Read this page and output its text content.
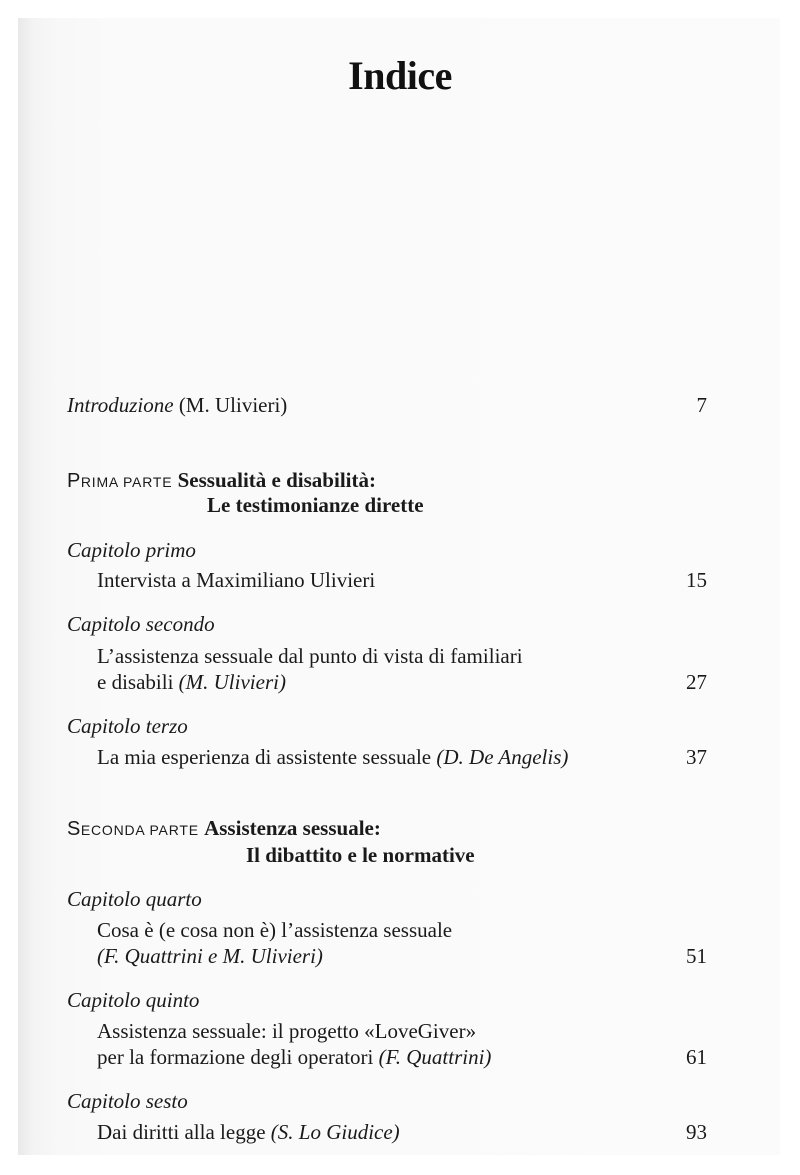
Indice
Introduzione (M. Ulivieri)	7
PRIMA PARTE Sessualità e disabilità:
Le testimonianze dirette
Capitolo primo
Intervista a Maximiliano Ulivieri	15
Capitolo secondo
L’assistenza sessuale dal punto di vista di familiari
e disabili (M. Ulivieri)	27
Capitolo terzo
La mia esperienza di assistente sessuale (D. De Angelis)	37
SECONDA PARTE Assistenza sessuale:
Il dibattito e le normative
Capitolo quarto
Cosa è (e cosa non è) l’assistenza sessuale
(F. Quattrini e M. Ulivieri)	51
Capitolo quinto
Assistenza sessuale: il progetto «LoveGiver»
per la formazione degli operatori (F. Quattrini)	61
Capitolo sesto
Dai diritti alla legge (S. Lo Giudice)	93
